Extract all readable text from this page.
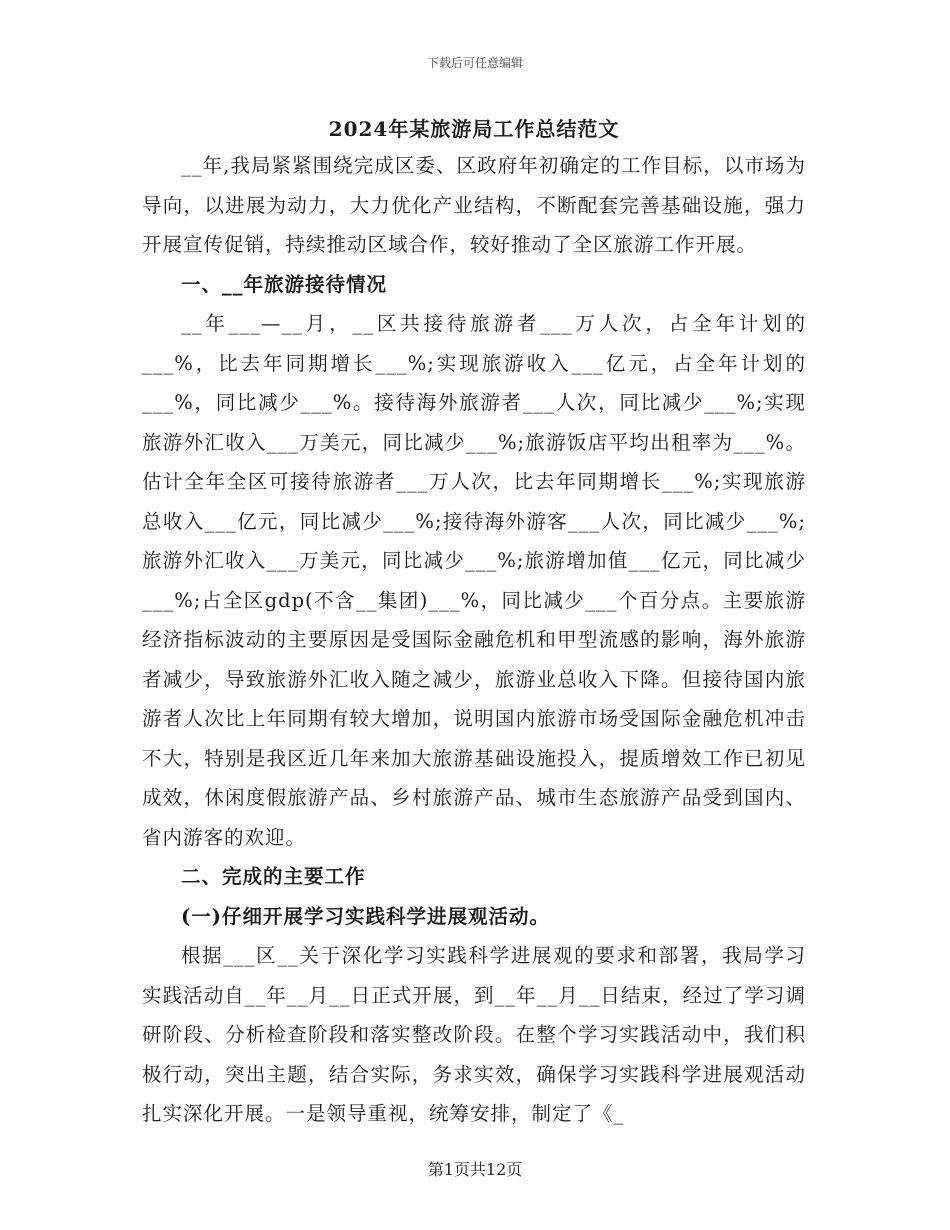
下载后可任意编辑
2024年某旅游局工作总结范文

__年,我局紧紧围绕完成区委、区政府年初确定的工作目标，以市场为导向，以进展为动力，大力优化产业结构，不断配套完善基础设施，强力开展宣传促销，持续推动区域合作，较好推动了全区旅游工作开展。

一、__年旅游接待情况

__年___—__月，__区共接待旅游者___万人次，占全年计划的___%，比去年同期增长___%;实现旅游收入___亿元，占全年计划的___%，同比减少___%。接待海外旅游者___人次，同比减少___%;实现旅游外汇收入___万美元，同比减少___%;旅游饭店平均出租率为___%。估计全年全区可接待旅游者___万人次，比去年同期增长___%;实现旅游总收入___亿元，同比减少___%;接待海外游客___人次，同比减少___%;旅游外汇收入___万美元，同比减少___%;旅游增加值___亿元，同比减少___%;占全区gdp(不含__集团)___%，同比减少___个百分点。主要旅游经济指标波动的主要原因是受国际金融危机和甲型流感的影响，海外旅游者减少，导致旅游外汇收入随之减少，旅游业总收入下降。但接待国内旅游者人次比上年同期有较大增加，说明国内旅游市场受国际金融危机冲击不大，特别是我区近几年来加大旅游基础设施投入，提质增效工作已初见成效，休闲度假旅游产品、乡村旅游产品、城市生态旅游产品受到国内、省内游客的欢迎。

二、完成的主要工作

(一)仔细开展学习实践科学进展观活动。

根据___区__关于深化学习实践科学进展观的要求和部署，我局学习实践活动自__年__月__日正式开展，到__年__月__日结束，经过了学习调研阶段、分析检查阶段和落实整改阶段。在整个学习实践活动中，我们积极行动，突出主题，结合实际，务求实效，确保学习实践科学进展观活动扎实深化开展。一是领导重视，统筹安排，制定了《_

第1页共12页
